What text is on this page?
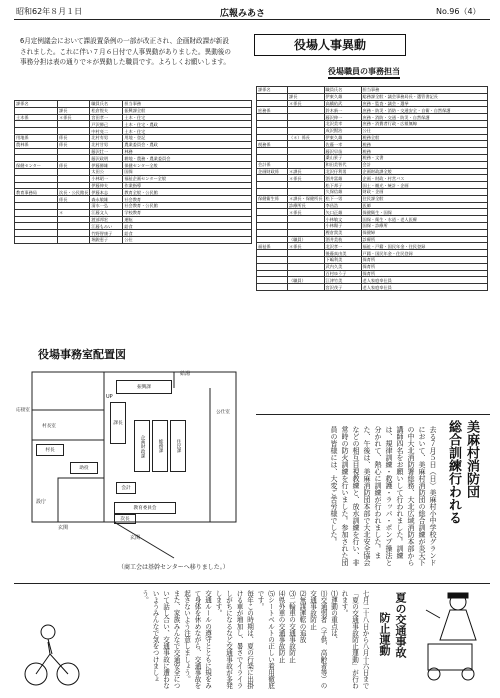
昭和62年８月１日	広報みあさ	No.96（4）
6月定例議会において課設置条例の一部が改正され、企画財政課が新設されました。これに伴い７月６日付で人事異動がありました。異動後の事務分担は表の通りで＊が異動した職員です。よろしくお願いします。
役場人事異動
役場職員の事務担当
課係名		職員氏名	担当事務
	課長	松倉悦夫	振興課全般
土木係	＊係長	宮田孝一	土木・住宅
		戸沢勝己	土木・住宅・農政
		中村亮二	土木・住宅
用地係	係長	北村有男	用地・登記
農林係	係長	北村甘男	農業委員会・農政
		藤沢壮一	林務
		藤沢政明	耕地・農務・農業委員会
保健センター	係長	伊藤勝雄	保健センター全般
		太田公	国保
		小林昭一	福祉企画センター全般
		伊藤伸夫	作業指導
教育事務局	次長・公民館長	伊藤本志	教育全般・公民館
	係長	森永敏雄	社会教育
		清水一弘	社会教育・公民館
	＊	江藤文人	学校教育
		渡部邦宏	運転
		江藤もみい	給食
		竹野智康子	給食
		堀鋭恵子	公仕
課係名		職員氏名	担当事務
	課長	伊東久雄	総務課全般・議会事務局長・選管書記長
	＊係長	高橋佑武	庶務・監査・議会・選挙
庶務係		鈴木新一	庶務・防災・消防・交通安全・自衛・自然保護
		藤沢伸一	庶務・消防・交通・防災・自然保護
		北沢美幸	庶務・消費者行政・広報無線
		成沢賢治	公仕
	（＊）係長	伊東久雄	税務全般
税務係		佐藤一幸	税務
		藤沢早苗	税務
		桑山景子	税務・文書
会計係		和田美智代	会計
企画財政係	＊課長	北沢仔利男	企画財政課全般
	＊係長	酒井富雄	企画・財政・村営バス
		松下邦子	国土・観光・統計・企画
		久保信雄	財政・企画
保健衛生係	＊課長・保健所長	松下一男	住民課全般
	診療所長	李昌浩	医師
	＊係長	矢口正雄	保健衛生・国保
		小林敏文	国保・衛生・水道・老人医療
		小林陽子	国保・診療所
		樫倉貴美	保健婦
	（職員）	酒井美枝	診療所
福祉係	＊係長	北沢孝一	福祉・戸籍・国民年金・住民登録
		後藤真由美	戸籍・国民年金・住民登録
		下嶋利美	保育所
		武内久美	保育所
		百村ゆう子	保育所
	（職員）	江津竹美	老人家庭奉仕員
		宮沢茂子	老人家庭奉仕員
役場事務室配置図
応接室
村長室
村長
助役
振興課
課長
企画財政課	総務課	住民課
公仕室
会計
教育委員会
次長
玄関
玄関
UP
設庁
給湯
（商工会は基幹センターへ移りました。）
美麻村消防団
総合訓練行われる
去る７月５日（日）美麻村小中学校グランドにおいて、美麻村消防団の総合訓練が炎天下の中大北消防署総務、大北広域消防本部から講師四名をお願いして行われました。訓練は、規律訓練・救護・ラッパ・ポンプ操法と分かれて、熱心に訓練が行われました。また、午後は、美麻消防団本部で大北安全協会などの相互目視教練と、放水訓練を行い、非常時の防火訓練を行いました。参加された団員の皆様には、大変ご苦労様でした。
夏の交通事故
防止運動
七月二十八日から八月十六日まで「夏の交通事故防止運動」が行われます。
⑴運動の重点は、
⑴交通弱者（子供、高齢者等）の交通事故防止
⑵無謀運転の追放
⑶二輪車の交通事故防止
⑷県外車の交通事故防止
⑸シートベルトの正しい着用徹底
です。
毎年この時期は、夏の行楽に出掛ける車が増加し、暑さでイライラしがちになるなど交通事故が多発します。
交通ルールの遵守とともに規をみて身体を休めながら、交通事故を起さないよう注意しましょう。
また、家族みんなで交通安全について話し合い、交通事故に遭わないようみんなで気をつけましょう。
